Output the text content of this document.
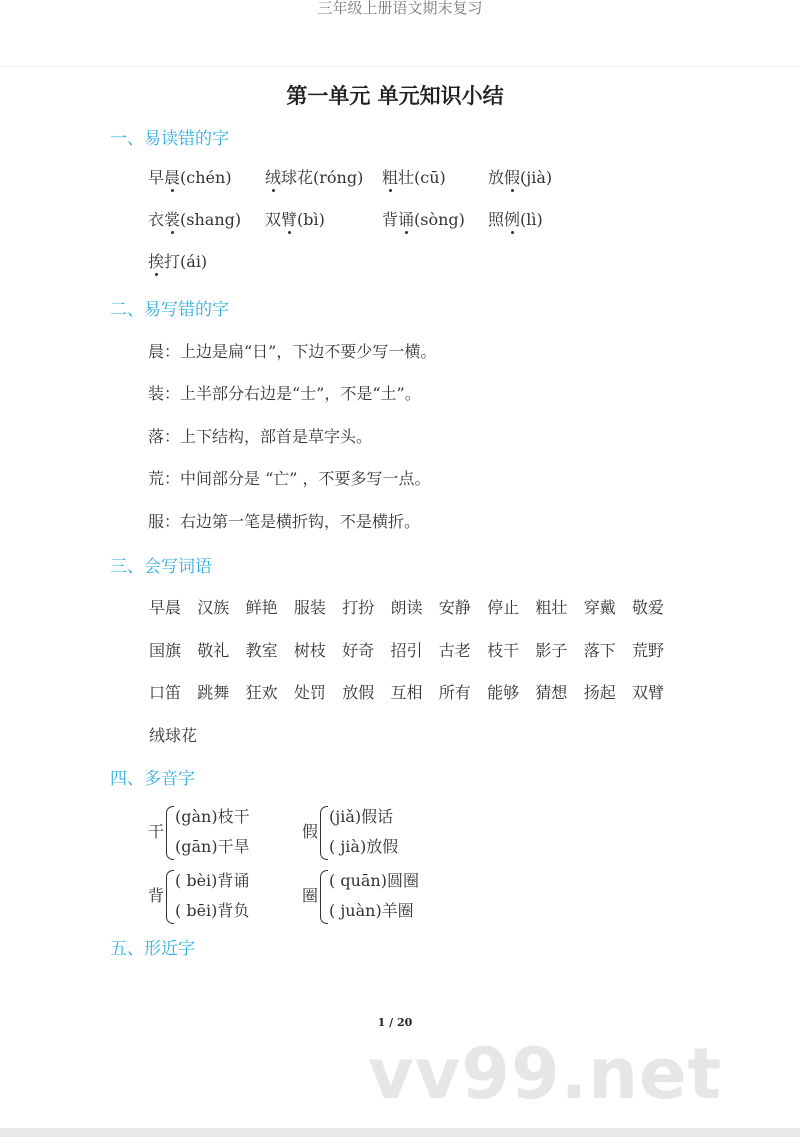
三年级上册语文期末复习
第一单元 单元知识小结
一、易读错的字
早晨(chén) 绒球花(róng) 粗壮(cū)	放假(jià)
衣裳(shang) 双臂(bì)	背诵(sòng) 照例(lì)
挨打(ái)
二、易写错的字
晨：上边是扁“日”，下边不要少写一横。
装：上半部分右边是“士”，不是“土”。
落：上下结构，部首是草字头。
荒：中间部分是 “亡” ，不要多写一点。
服：右边第一笔是横折钩，不是横折。
三、会写词语
早晨 汉族 鲜艳 服装 打扮 朗读 安静 停止 粗壮 穿戴 敬爱
国旗 敬礼 教室 树枝 好奇 招引 古老 枝干 影子 落下 荒野
口笛 跳舞 狂欢 处罚 放假 互相 所有 能够 猜想 扬起 双臂
绒球花
四、多音字
干
(gàn)枝干
(gān)干旱
假
(jiǎ)假话
( jià)放假
背
( bèi)背诵
( bēi)背负
圈
( quān)圆圈
( juàn)羊圈
五、形近字
1 / 20
vv99.net
